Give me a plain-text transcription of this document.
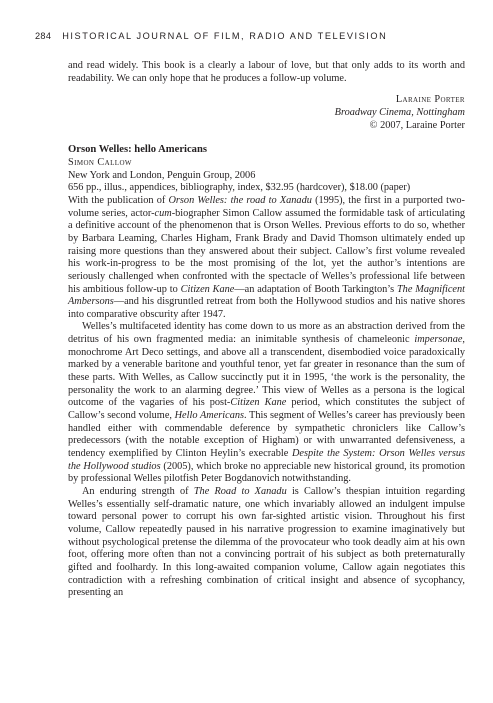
284 HISTORICAL JOURNAL OF FILM, RADIO AND TELEVISION

and read widely. This book is a clearly a labour of love, but that only adds to its worth and readability. We can only hope that he produces a follow-up volume.

Laraine Porter

Broadway Cinema, Nottingham

© 2007, Laraine Porter

Orson Welles: hello Americans
Simon Callow

New York and London, Penguin Group, 2006

656 pp., illus., appendices, bibliography, index, $32.95 (hardcover), $18.00 (paper)

With the publication of Orson Welles: the road to Xanadu (1995), the first in a purported two-volume series, actor-cum-biographer Simon Callow assumed the formidable task of articulating a definitive account of the phenomenon that is Orson Welles. Previous efforts to do so, whether by Barbara Leaming, Charles Higham, Frank Brady and David Thomson ultimately ended up raising more questions than they answered about their subject. Callow’s first volume revealed his work-in-progress to be the most promising of the lot, yet the author’s intentions are seriously challenged when confronted with the spectacle of Welles’s professional life between his ambitious follow-up to Citizen Kane—an adaptation of Booth Tarkington’s The Magnificent Ambersons—and his disgruntled retreat from both the Hollywood studios and his native shores into comparative obscurity after 1947.

Welles’s multifaceted identity has come down to us more as an abstraction derived from the detritus of his own fragmented media: an inimitable synthesis of chameleonic impersonae, monochrome Art Deco settings, and above all a transcendent, disembodied voice paradoxically marked by a venerable baritone and youthful tenor, yet far greater in resonance than the sum of these parts. With Welles, as Callow succinctly put it in 1995, ‘the work is the personality, the personality the work to an alarming degree.’ This view of Welles as a persona is the logical outcome of the vagaries of his post-Citizen Kane period, which constitutes the subject of Callow’s second volume, Hello Americans. This segment of Welles’s career has previously been handled either with commendable deference by sympathetic chroniclers like Callow’s predecessors (with the notable exception of Higham) or with unwarranted defensiveness, a tendency exemplified by Clinton Heylin’s execrable Despite the System: Orson Welles versus the Hollywood studios (2005), which broke no appreciable new historical ground, its promotion by professional Welles pilotfish Peter Bogdanovich notwithstanding.

An enduring strength of The Road to Xanadu is Callow’s thespian intuition regarding Welles’s essentially self-dramatic nature, one which invariably allowed an indulgent impulse toward personal power to corrupt his own far-sighted artistic vision. Throughout his first volume, Callow repeatedly paused in his narrative progression to examine imaginatively but without psychological pretense the dilemma of the provocateur who took deadly aim at his own foot, offering more often than not a convincing portrait of his subject as both preternaturally gifted and foolhardy. In this long-awaited companion volume, Callow again negotiates this contradiction with a refreshing combination of critical insight and absence of sycophancy, presenting an
